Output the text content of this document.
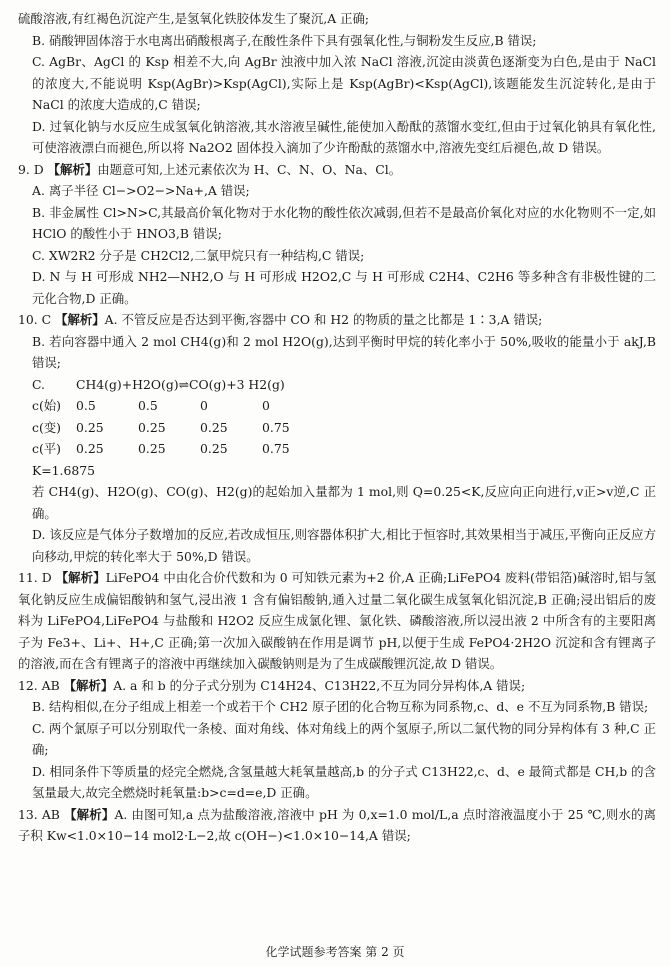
硫酸溶液,有红褐色沉淀产生,是氢氧化铁胶体发生了聚沉,A 正确;

B. 硝酸钾固体溶于水电离出硝酸根离子,在酸性条件下具有强氧化性,与铜粉发生反应,B 错误;

C. AgBr、AgCl 的 Ksp 相差不大,向 AgBr 浊液中加入浓 NaCl 溶液,沉淀由淡黄色逐渐变为白色,是由于 NaCl 的浓度大,不能说明 Ksp(AgBr)>Ksp(AgCl),实际上是 Ksp(AgBr)<Ksp(AgCl),该题能发生沉淀转化,是由于 NaCl 的浓度大造成的,C 错误;

D. 过氧化钠与水反应生成氢氧化钠溶液,其水溶液呈碱性,能使加入酚酞的蒸馏水变红,但由于过氧化钠具有氧化性,可使溶液漂白而褪色,所以将 Na2O2 固体投入滴加了少许酚酞的蒸馏水中,溶液先变红后褪色,故 D 错误。

9. D 【解析】由题意可知,上述元素依次为 H、C、N、O、Na、Cl。

A. 离子半径 Cl−>O2−>Na+,A 错误;

B. 非金属性 Cl>N>C,其最高价氧化物对于水化物的酸性依次减弱,但若不是最高价氧化对应的水化物则不一定,如 HClO 的酸性小于 HNO3,B 错误;

C. XW2R2 分子是 CH2Cl2,二氯甲烷只有一种结构,C 错误;

D. N 与 H 可形成 NH2—NH2,O 与 H 可形成 H2O2,C 与 H 可形成 C2H4、C2H6 等多种含有非极性键的二元化合物,D 正确。

10. C 【解析】A. 不管反应是否达到平衡,容器中 CO 和 H2 的物质的量之比都是 1∶3,A 错误;

B. 若向容器中通入 2 mol CH4(g)和 2 mol H2O(g),达到平衡时甲烷的转化率小于 50%,吸收的能量小于 akJ,B 错误;

C.	CH4(g)+H2O(g)⇌CO(g)+3 H2(g)
c(始)	0.5	0.5	0	0
c(变)	0.25	0.25	0.25	0.75
c(平)	0.25	0.25	0.25	0.75

K=1.6875

若 CH4(g)、H2O(g)、CO(g)、H2(g)的起始加入量都为 1 mol,则 Q=0.25<K,反应向正向进行,v正>v逆,C 正确。

D. 该反应是气体分子数增加的反应,若改成恒压,则容器体积扩大,相比于恒容时,其效果相当于减压,平衡向正反应方向移动,甲烷的转化率大于 50%,D 错误。

11. D 【解析】LiFePO4 中由化合价代数和为 0 可知铁元素为+2 价,A 正确;LiFePO4 废料(带铝箔)碱溶时,铝与氢氧化钠反应生成偏铝酸钠和氢气,浸出液 1 含有偏铝酸钠,通入过量二氧化碳生成氢氧化铝沉淀,B 正确;浸出铝后的废料为 LiFePO4,LiFePO4 与盐酸和 H2O2 反应生成氯化锂、氯化铁、磷酸溶液,所以浸出液 2 中所含有的主要阳离子为 Fe3+、Li+、H+,C 正确;第一次加入碳酸钠在作用是调节 pH,以便于生成 FePO4·2H2O 沉淀和含有锂离子的溶液,而在含有锂离子的溶液中再继续加入碳酸钠则是为了生成碳酸锂沉淀,故 D 错误。

12. AB 【解析】A. a 和 b 的分子式分别为 C14H24、C13H22,不互为同分异构体,A 错误;

B. 结构相似,在分子组成上相差一个或若干个 CH2 原子团的化合物互称为同系物,c、d、e 不互为同系物,B 错误;

C. 两个氯原子可以分别取代一条棱、面对角线、体对角线上的两个氢原子,所以二氯代物的同分异构体有 3 种,C 正确;

D. 相同条件下等质量的烃完全燃烧,含氢量越大耗氧量越高,b 的分子式 C13H22,c、d、e 最简式都是 CH,b 的含氢量最大,故完全燃烧时耗氧量:b>c=d=e,D 正确。

13. AB 【解析】A. 由图可知,a 点为盐酸溶液,溶液中 pH 为 0,x=1.0 mol/L,a 点时溶液温度小于 25 ℃,则水的离子积 Kw<1.0×10−14 mol2·L−2,故 c(OH−)<1.0×10−14,A 错误;

化学试题参考答案 第 2 页
